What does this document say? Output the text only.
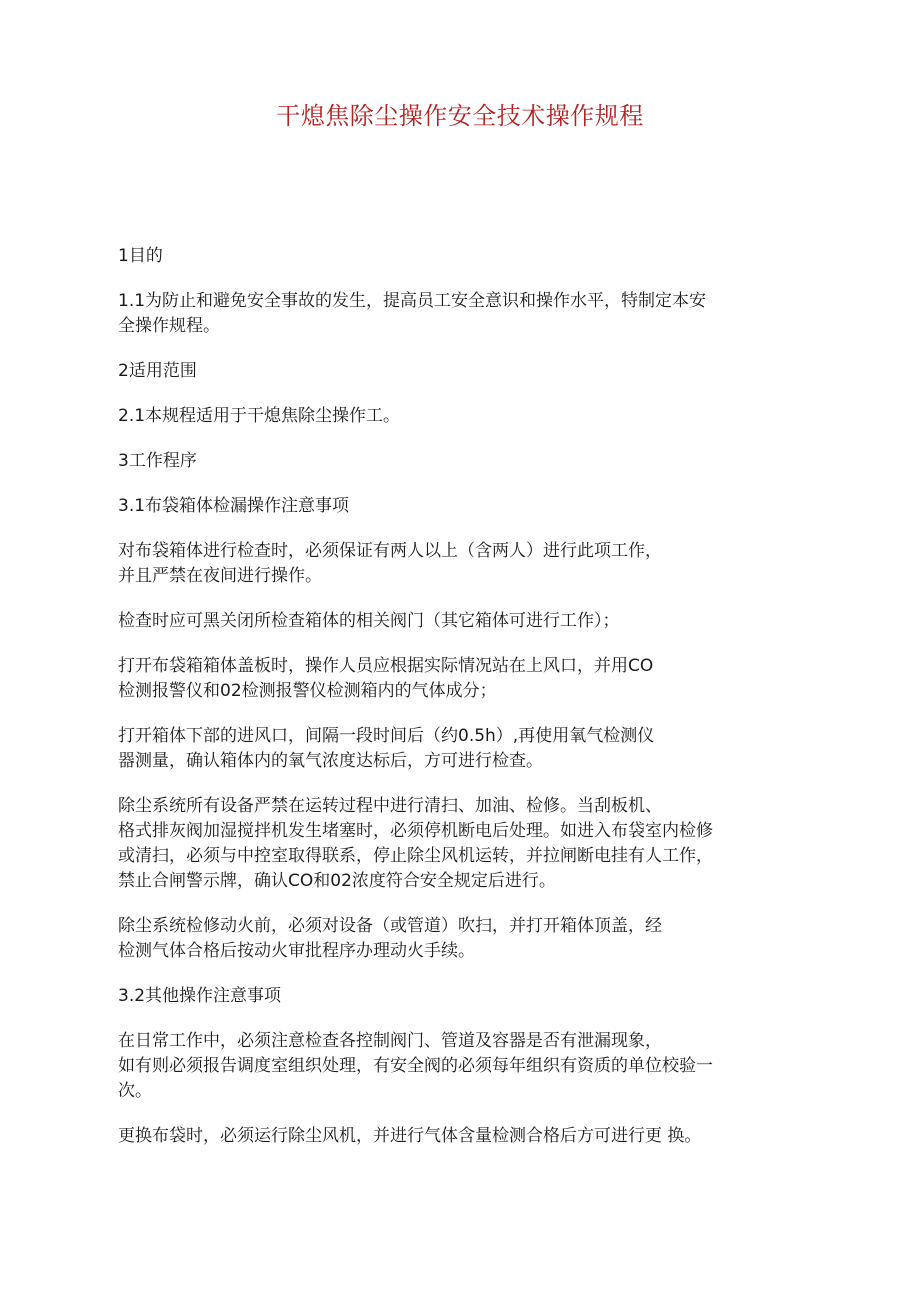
干熄焦除尘操作安全技术操作规程

1目的

1.1为防止和避免安全事故的发生，提高员工安全意识和操作水平，特制定本安
全操作规程。

2适用范围

2.1本规程适用于干熄焦除尘操作工。

3工作程序

3.1布袋箱体检漏操作注意事项

对布袋箱体进行检查时，必须保证有两人以上（含两人）进行此项工作，
并且严禁在夜间进行操作。

检查时应可黑关闭所检查箱体的相关阀门（其它箱体可进行工作）；

打开布袋箱箱体盖板时，操作人员应根据实际情况站在上风口，并用CO
检测报警仪和02检测报警仪检测箱内的气体成分；

打开箱体下部的进风口，间隔一段时间后（约0.5h）,再使用氧气检测仪
器测量，确认箱体内的氧气浓度达标后，方可进行检查。

除尘系统所有设备严禁在运转过程中进行清扫、加油、检修。当刮板机、
格式排灰阀加湿搅拌机发生堵塞时，必须停机断电后处理。如进入布袋室内检修
或清扫，必须与中控室取得联系，停止除尘风机运转，并拉闸断电挂有人工作，
禁止合闸警示牌，确认CO和02浓度符合安全规定后进行。

除尘系统检修动火前，必须对设备（或管道）吹扫，并打开箱体顶盖，经
检测气体合格后按动火审批程序办理动火手续。

3.2其他操作注意事项

在日常工作中，必须注意检查各控制阀门、管道及容器是否有泄漏现象，
如有则必须报告调度室组织处理，有安全阀的必须每年组织有资质的单位校验一
次。

更换布袋时，必须运行除尘风机，并进行气体含量检测合格后方可进行更 换。
